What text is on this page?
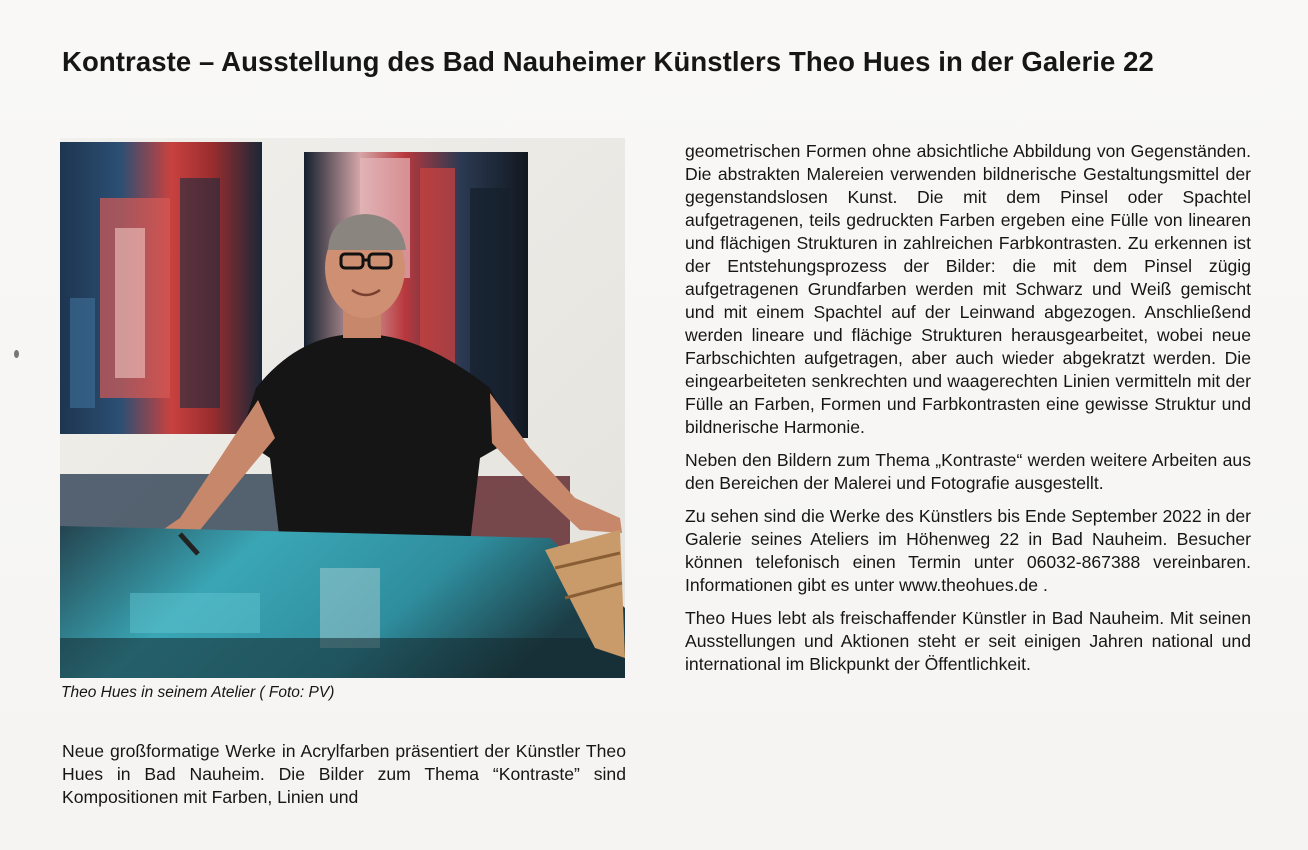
Kontraste – Ausstellung des Bad Nauheimer Künstlers Theo Hues in der Galerie 22
Theo Hues in seinem Atelier ( Foto: PV)

Neue großformatige Werke in Acrylfarben präsentiert der Künstler Theo Hues in Bad Nauheim. Die Bilder zum Thema “Kontraste” sind Kompositionen mit Farben, Linien und

geometrischen Formen ohne absichtliche Abbildung von Gegenständen. Die abstrakten Malereien verwenden bildnerische Gestaltungsmittel der gegenstandslosen Kunst. Die mit dem Pinsel oder Spachtel aufgetragenen, teils gedruckten Farben ergeben eine Fülle von linearen und flächigen Strukturen in zahlreichen Farbkontrasten. Zu erkennen ist der Entstehungsprozess der Bilder: die mit dem Pinsel zügig aufgetragenen Grundfarben werden mit Schwarz und Weiß gemischt und mit einem Spachtel auf der Leinwand abgezogen. Anschließend werden lineare und flächige Strukturen herausgearbeitet, wobei neue Farbschichten aufgetragen, aber auch wieder abgekratzt werden. Die eingearbeiteten senkrechten und waagerechten Linien vermitteln mit der Fülle an Farben, Formen und Farbkontrasten eine gewisse Struktur und bildnerische Harmonie.

Neben den Bildern zum Thema „Kontraste“ werden weitere Arbeiten aus den Bereichen der Malerei und Fotografie ausgestellt.

Zu sehen sind die Werke des Künstlers bis Ende September 2022 in der Galerie seines Ateliers im Höhenweg 22 in Bad Nauheim. Besucher können telefonisch einen Termin unter 06032-867388 vereinbaren. Informationen gibt es unter www.theohues.de .

Theo Hues lebt als freischaffender Künstler in Bad Nauheim. Mit seinen Ausstellungen und Aktionen steht er seit einigen Jahren national und international im Blickpunkt der Öffentlichkeit.
